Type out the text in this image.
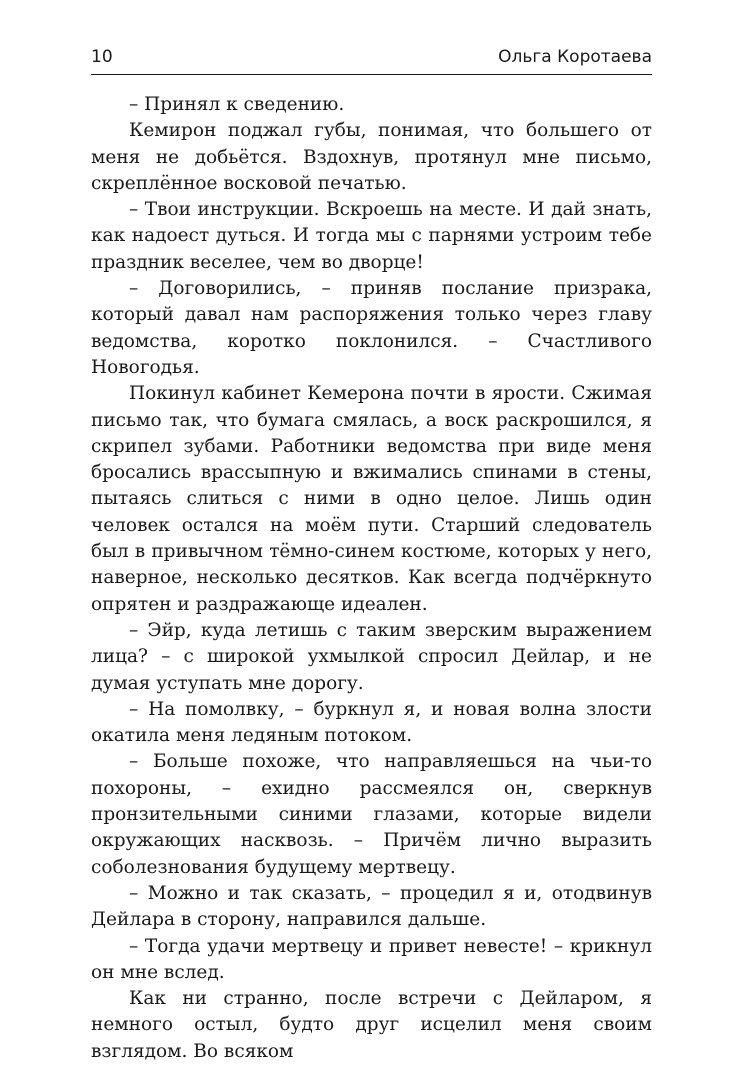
10	Ольга Коротаева

– Принял к сведению.

Кемирон поджал губы, понимая, что большего от меня не добьётся. Вздохнув, протянул мне письмо, скреплённое восковой печатью.

– Твои инструкции. Вскроешь на месте. И дай знать, как надоест дуться. И тогда мы с парнями устроим тебе праздник веселее, чем во дворце!

– Договорились, – приняв послание призрака, который давал нам распоряжения только через главу ведомства, коротко поклонился. – Счастливого Новогодья.

Покинул кабинет Кемерона почти в ярости. Сжимая письмо так, что бумага смялась, а воск раскрошился, я скрипел зубами. Работники ведомства при виде меня бросались врассыпную и вжимались спинами в стены, пытаясь слиться с ними в одно целое. Лишь один человек остался на моём пути. Старший следователь был в привычном тёмно-синем костюме, которых у него, наверное, несколько десятков. Как всегда подчёркнуто опрятен и раздражающе идеален.

– Эйр, куда летишь с таким зверским выражением лица? – с широкой ухмылкой спросил Дейлар, и не думая уступать мне дорогу.

– На помолвку, – буркнул я, и новая волна злости окатила меня ледяным потоком.

– Больше похоже, что направляешься на чьи-то похороны, – ехидно рассмеялся он, сверкнув пронзительными синими глазами, которые видели окружающих насквозь. – Причём лично выразить соболезнования будущему мертвецу.

– Можно и так сказать, – процедил я и, отодвинув Дейлара в сторону, направился дальше.

– Тогда удачи мертвецу и привет невесте! – крикнул он мне вслед.

Как ни странно, после встречи с Дейларом, я немного остыл, будто друг исцелил меня своим взглядом. Во всяком
